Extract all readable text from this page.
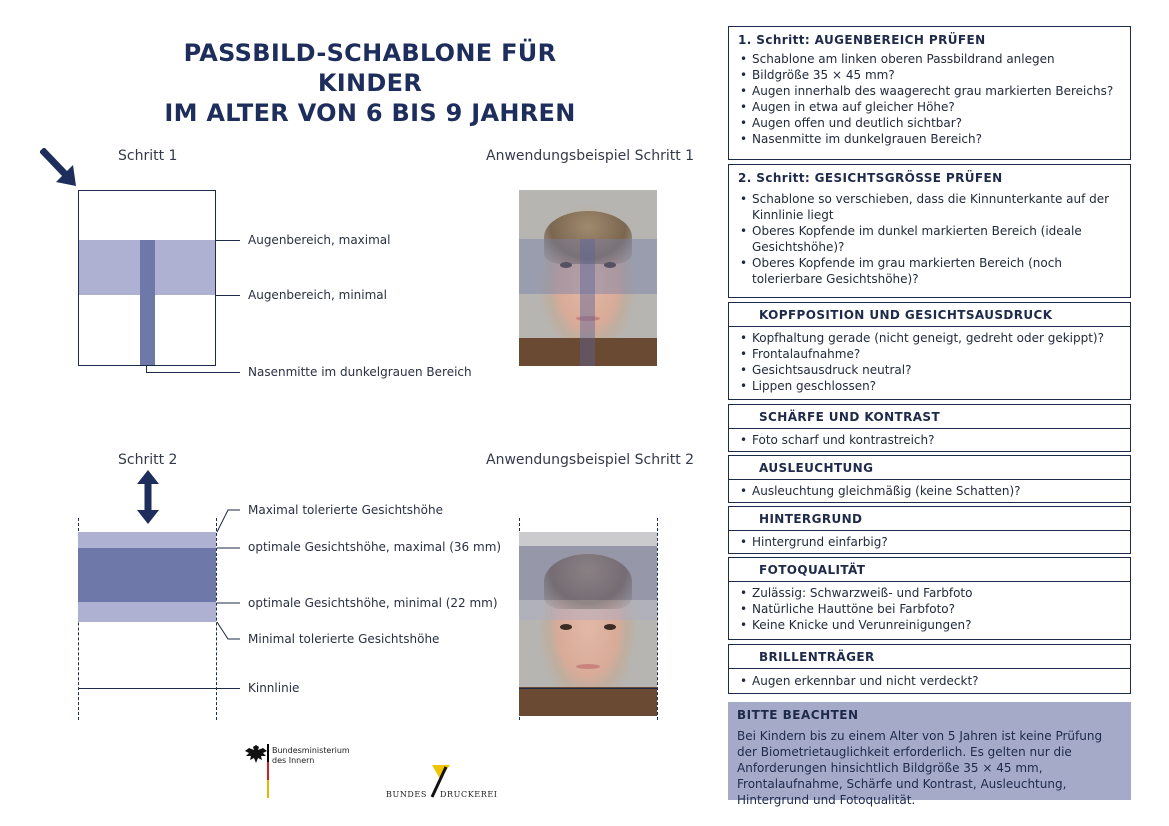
PASSBILD-SCHABLONE FÜR KINDER
IM ALTER VON 6 BIS 9 JAHREN
Schritt 1	Anwendungsbeispiel Schritt 1
Augenbereich, maximal
Augenbereich, minimal
Nasenmitte im dunkelgrauen Bereich
Schritt 2	Anwendungsbeispiel Schritt 2
Maximal tolerierte Gesichtshöhe
optimale Gesichtshöhe, maximal (36 mm)
optimale Gesichtshöhe, minimal (22 mm)
Minimal tolerierte Gesichtshöhe
Kinnlinie
1. Schritt: AUGENBEREICH PRÜFEN
• Schablone am linken oberen Passbildrand anlegen
• Bildgröße 35 × 45 mm?
• Augen innerhalb des waagerecht grau markierten Bereichs?
• Augen in etwa auf gleicher Höhe?
• Augen offen und deutlich sichtbar?
• Nasenmitte im dunkelgrauen Bereich?
2. Schritt: GESICHTSGRÖSSE PRÜFEN
• Schablone so verschieben, dass die Kinnunterkante auf der Kinnlinie liegt
• Oberes Kopfende im dunkel markierten Bereich (ideale Gesichtshöhe)?
• Oberes Kopfende im grau markierten Bereich (noch tolerierbare Gesichtshöhe)?
KOPFPOSITION UND GESICHTSAUSDRUCK
• Kopfhaltung gerade (nicht geneigt, gedreht oder gekippt)?
• Frontalaufnahme?
• Gesichtsausdruck neutral?
• Lippen geschlossen?
SCHÄRFE UND KONTRAST
• Foto scharf und kontrastreich?
AUSLEUCHTUNG
• Ausleuchtung gleichmäßig (keine Schatten)?
HINTERGRUND
• Hintergrund einfarbig?
FOTOQUALITÄT
• Zulässig: Schwarzweiß- und Farbfoto
• Natürliche Hauttöne bei Farbfoto?
• Keine Knicke und Verunreinigungen?
BRILLENTRÄGER
• Augen erkennbar und nicht verdeckt?
BITTE BEACHTEN

Bei Kindern bis zu einem Alter von 5 Jahren ist keine Prüfung der Biometrietauglichkeit erforderlich. Es gelten nur die Anforderungen hinsichtlich Bildgröße 35 × 45 mm, Frontalaufnahme, Schärfe und Kontrast, Ausleuchtung, Hintergrund und Fotoqualität.

Bundesministerium
des Innern
BUNDES DRUCKEREI
